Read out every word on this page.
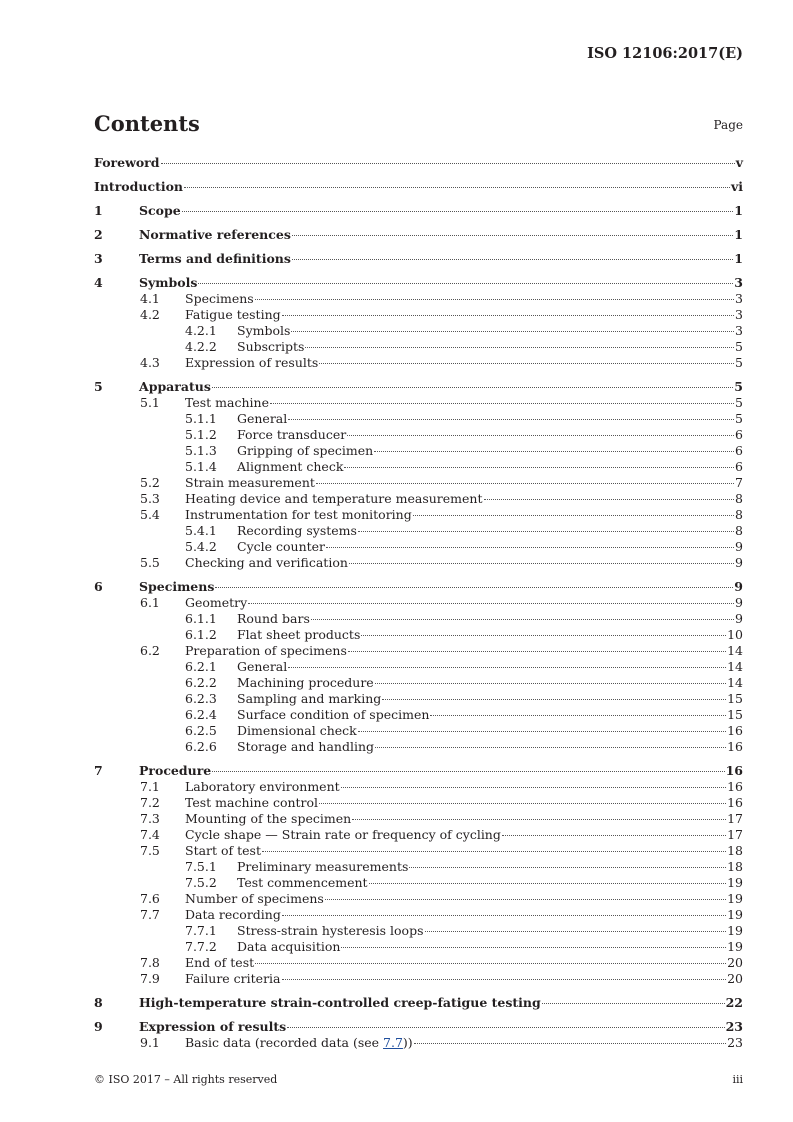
ISO 12106:2017(E)
Contents	Page
Foreword	v
Introduction	vi
1	Scope	1
2	Normative references	1
3	Terms and definitions	1
4	Symbols	3
4.1 Specimens	3
4.2 Fatigue testing	3
4.2.1 Symbols	3
4.2.2 Subscripts	5
4.3 Expression of results	5
5	Apparatus	5
5.1 Test machine	5
5.1.1 General	5
5.1.2 Force transducer	6
5.1.3 Gripping of specimen	6
5.1.4 Alignment check	6
5.2 Strain measurement	7
5.3 Heating device and temperature measurement	8
5.4 Instrumentation for test monitoring	8
5.4.1 Recording systems	8
5.4.2 Cycle counter	9
5.5 Checking and verification	9
6	Specimens	9
6.1 Geometry	9
6.1.1 Round bars	9
6.1.2 Flat sheet products	10
6.2 Preparation of specimens	14
6.2.1 General	14
6.2.2 Machining procedure	14
6.2.3 Sampling and marking	15
6.2.4 Surface condition of specimen	15
6.2.5 Dimensional check	16
6.2.6 Storage and handling	16
7	Procedure	16
7.1 Laboratory environment	16
7.2 Test machine control	16
7.3 Mounting of the specimen	17
7.4 Cycle shape — Strain rate or frequency of cycling	17
7.5 Start of test	18
7.5.1 Preliminary measurements	18
7.5.2 Test commencement	19
7.6 Number of specimens	19
7.7 Data recording	19
7.7.1 Stress-strain hysteresis loops	19
7.7.2 Data acquisition	19
7.8 End of test	20
7.9 Failure criteria	20
8	High-temperature strain-controlled creep-fatigue testing	22
9	Expression of results	23
9.1 Basic data (recorded data (see 7.7))	23
© ISO 2017 – All rights reserved	iii
